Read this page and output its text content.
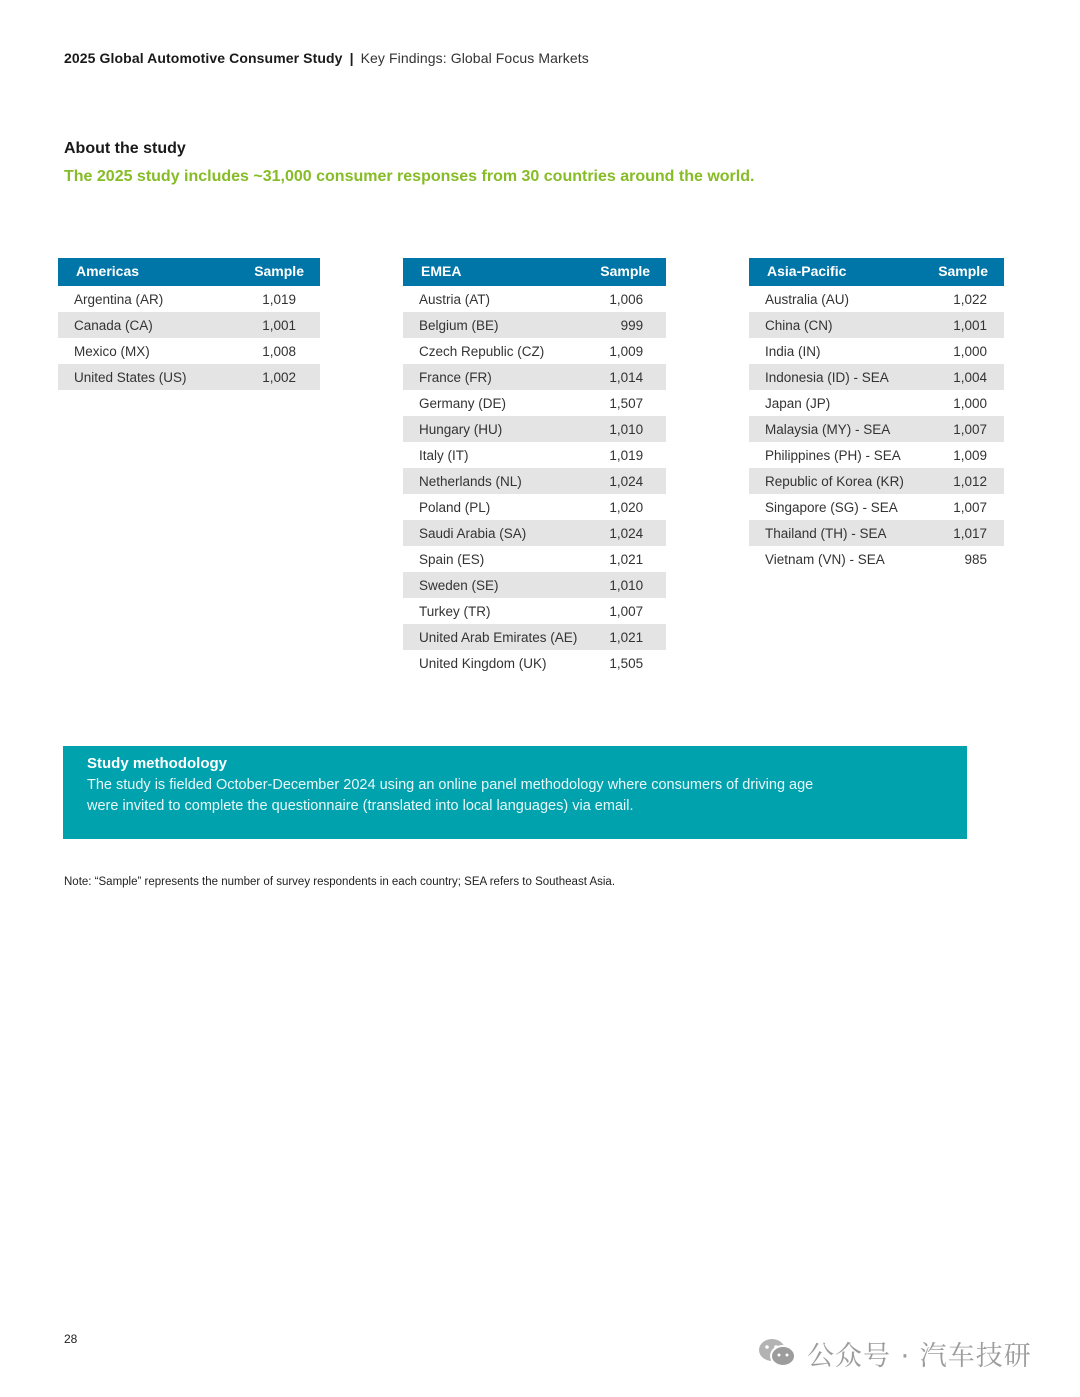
2025 Global Automotive Consumer Study | Key Findings: Global Focus Markets
About the study
The 2025 study includes ~31,000 consumer responses from 30 countries around the world.
Americas	Sample
Argentina (AR)	1,019
Canada (CA)	1,001
Mexico (MX)	1,008
United States (US)	1,002
EMEA	Sample
Austria (AT)	1,006
Belgium (BE)	999
Czech Republic (CZ)	1,009
France (FR)	1,014
Germany (DE)	1,507
Hungary (HU)	1,010
Italy (IT)	1,019
Netherlands (NL)	1,024
Poland (PL)	1,020
Saudi Arabia (SA)	1,024
Spain (ES)	1,021
Sweden (SE)	1,010
Turkey (TR)	1,007
United Arab Emirates (AE)	1,021
United Kingdom (UK)	1,505
Asia-Pacific	Sample
Australia (AU)	1,022
China (CN)	1,001
India (IN)	1,000
Indonesia (ID) - SEA	1,004
Japan (JP)	1,000
Malaysia (MY) - SEA	1,007
Philippines (PH) - SEA	1,009
Republic of Korea (KR)	1,012
Singapore (SG) - SEA	1,007
Thailand (TH) - SEA	1,017
Vietnam (VN) - SEA	985
Study methodology
The study is fielded October-December 2024 using an online panel methodology where consumers of driving age were invited to complete the questionnaire (translated into local languages) via email.
Note: “Sample” represents the number of survey respondents in each country; SEA refers to Southeast Asia.
28
公众号 · 汽车技研
